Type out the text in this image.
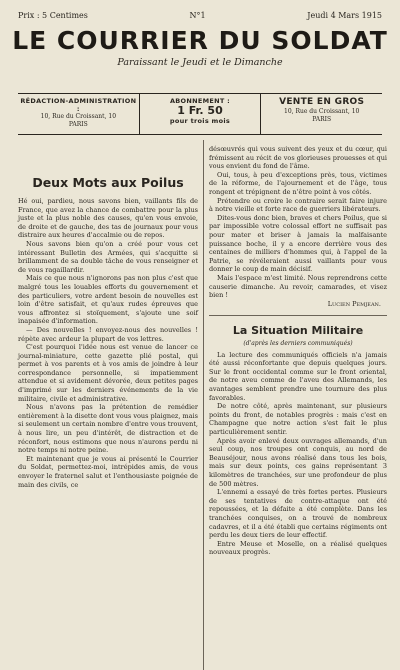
Prix : 5 Centimes	N°1	Jeudi 4 Mars 1915
LE COURRIER DU SOLDAT
Paraissant le Jeudi et le Dimanche
RÉDACTION-ADMINISTRATION :
10, Rue du Croissant, 10
PARIS
ABONNEMENT :
1 Fr. 50
pour trois mois
VENTE EN GROS
10, Rue du Croissant, 10
PARIS
Deux Mots aux Poilus

Hé oui, pardieu, nous savons bien, vaillants fils de France, que avez la chance de combattre pour la plus juste et la plus noble des causes, qu'en vous envoie, de droite et de gauche, des tas de journaux pour vous distraire aux heures d'accalmie ou de repos.

Nous savons bien qu'on a créé pour vous cet intéressant Bulletin des Armées, qui s'acquitte si brillamment de sa double tâche de vous renseigner et de vous ragaillardir.

Mais ce que nous n'ignorons pas non plus c'est que malgré tous les louables efforts du gouvernement et des particuliers, votre ardent besoin de nouvelles est loin d'être satisfait, et qu'aux rudes épreuves que vous affrontez si stoïquement, s'ajoute une soif inapaisée d'information.

— Des nouvelles ! envoyez-nous des nouvelles ! répète avec ardeur la plupart de vos lettres.

C'est pourquoi l'idée nous est venue de lancer ce journal-miniature, cette gazette plié postal, qui permet à vos parents et à vos amis de joindre à leur correspondance personnelle, si impatiemment attendue et si avidement dévorée, deux petites pages d'imprimé sur les derniers événements de la vie militaire, civile et administrative.

Nous n'avons pas la prétention de remédier entièrement à la disette dont vous vous plaignez, mais si seulement un certain nombre d'entre vous trouvent, à nous lire, un peu d'intérêt, de distraction et de réconfort, nous estimons que nous n'aurons perdu ni notre temps ni notre peine.

Et maintenant que je vous ai présenté le Courrier du Soldat, permettez-moi, intrépides amis, de vous envoyer le fraternel salut et l'enthousiaste poignée de main des civils, ce

désœuvrés qui vous suivent des yeux et du cœur, qui frémissent au récit de vos glorieuses prouesses et qui vous envient du fond de l'âme.

Oui, tous, à peu d'exceptions près, tous, victimes de la réforme, de l'ajournement et de l'âge, tous rongent et trépignent de n'être point à vos côtés.

Prétendre ou croire le contraire serait faire injure à notre vieille et forte race de guerriers libérateurs.

Dites-vous donc bien, braves et chers Poilus, que si par impossible votre colossal effort ne suffisait pas pour mater et briser à jamais la malfaisante puissance boche, il y a encore derrière vous des centaines de milliers d'hommes qui, à l'appel de la Patrie, se révéleraient aussi vaillants pour vous donner le coup de main décisif.

Mais l'espace m'est limité. Nous reprendrons cette causerie dimanche. Au revoir, camarades, et visez bien !

Lucien Pemjean.
La Situation Militaire
(d'après les derniers communiqués)

La lecture des communiqués officiels n'a jamais été aussi réconfortante que depuis quelques jours. Sur le front occidental comme sur le front oriental, de notre aveu comme de l'aveu des Allemands, les avantages semblent prendre une tournure des plus favorables.

De notre côté, après maintenant, sur plusieurs points du front, de notables progrès : mais c'est en Champagne que notre action s'est fait le plus particulièrement sentir.

Après avoir enlevé deux ouvrages allemands, d'un seul coup, nos troupes ont conquis, au nord de Beauséjour, nous avons réalisé dans tous les bois, mais sur deux points, ces gains représentant 3 kilomètres de tranchées, sur une profondeur de plus de 500 mètres.

L'ennemi a essayé de très fortes pertes. Plusieurs de ses tentatives de contre-attaque ont été repoussées, et la défaite a été complète. Dans les tranchées conquises, on a trouvé de nombreux cadavres, et il a été établi que certains régiments ont perdu les deux tiers de leur effectif.

Entre Meuse et Moselle, on a réalisé quelques nouveaux progrès.
